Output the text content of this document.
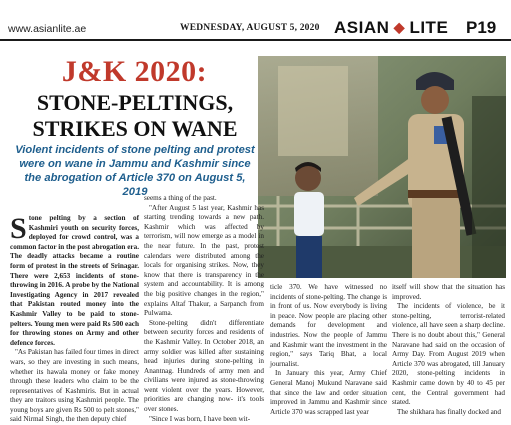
www.asianlite.ae	WEDNESDAY, AUGUST 5, 2020 ASIAN ◆ LITE P19
J&K 2020:
STONE-PELTINGS,
STRIKES ON WANE
Violent incidents of stone pelting and protest were on wane in Jammu and Kashmir since the abrogation of Article 370 on August 5, 2019

Stone pelting by a section of Kashmiri youth on security forces, deployed for crowd control, was a common factor in the post abrogation era. The deadly attacks became a routine form of protest in the streets of Srinagar. There were 2,653 incidents of stone-throwing in 2016. A probe by the National Investigating Agency in 2017 revealed that Pakistan routed money into the Kashmir Valley to be paid to stone-pelters. Young men were paid Rs 500 each for throwing stones on Army and other defence forces.

"As Pakistan has failed four times in direct wars, so they are investing in such means, whether its hawala money or fake money through these leaders who claim to be the representatives of Kashmiris. But in actual they are traitors using Kashmiri people. The young boys are given Rs 500 to pelt stones," said Nirmal Singh, the then deputy chief

seems a thing of the past.

"After August 5 last year, Kashmir has starting trending towards a new path. Kashmir which was affected by terrorism, will now emerge as a model in the near future. In the past, protest calendars were distributed among the locals for organising strikes. Now, they know that there is transparency in the system and accountability. It is among the big positive changes in the region," explains Altaf Thakur, a Sarpanch from Pulwama.

Stone-pelting didn't differentiate between security forces and residents of the Kashmir Valley. In October 2018, an army soldier was killed after sustaining head injuries during stone-pelting in Anantnag. Hundreds of army men and civilians were injured as stone-throwing went violent over the years. However, priorities are changing now- it's tools over stones.

"Since I was born, I have been wit-

ticle 370. We have witnessed no incidents of stone-pelting. The change is in front of us. Now everybody is living in peace. Now people are placing other demands for development and industries. Now the people of Jammu and Kashmir want the investment in the region," says Tariq Bhat, a local journalist.

In January this year, Army Chief General Manoj Mukund Naravane said that since the law and order situation improved in Jammu and Kashmir since Article 370 was scrapped last year

itself will show that the situation has improved.

The incidents of violence, be it stone-pelting, terrorist-related violence, all have seen a sharp decline. There is no doubt about this," General Naravane had said on the occasion of Army Day. From August 2019 when Article 370 was abrogated, till January 2020, stone-pelting incidents in Kashmir came down by 40 to 45 per cent, the Central government had stated.

The shikhara has finally docked and
